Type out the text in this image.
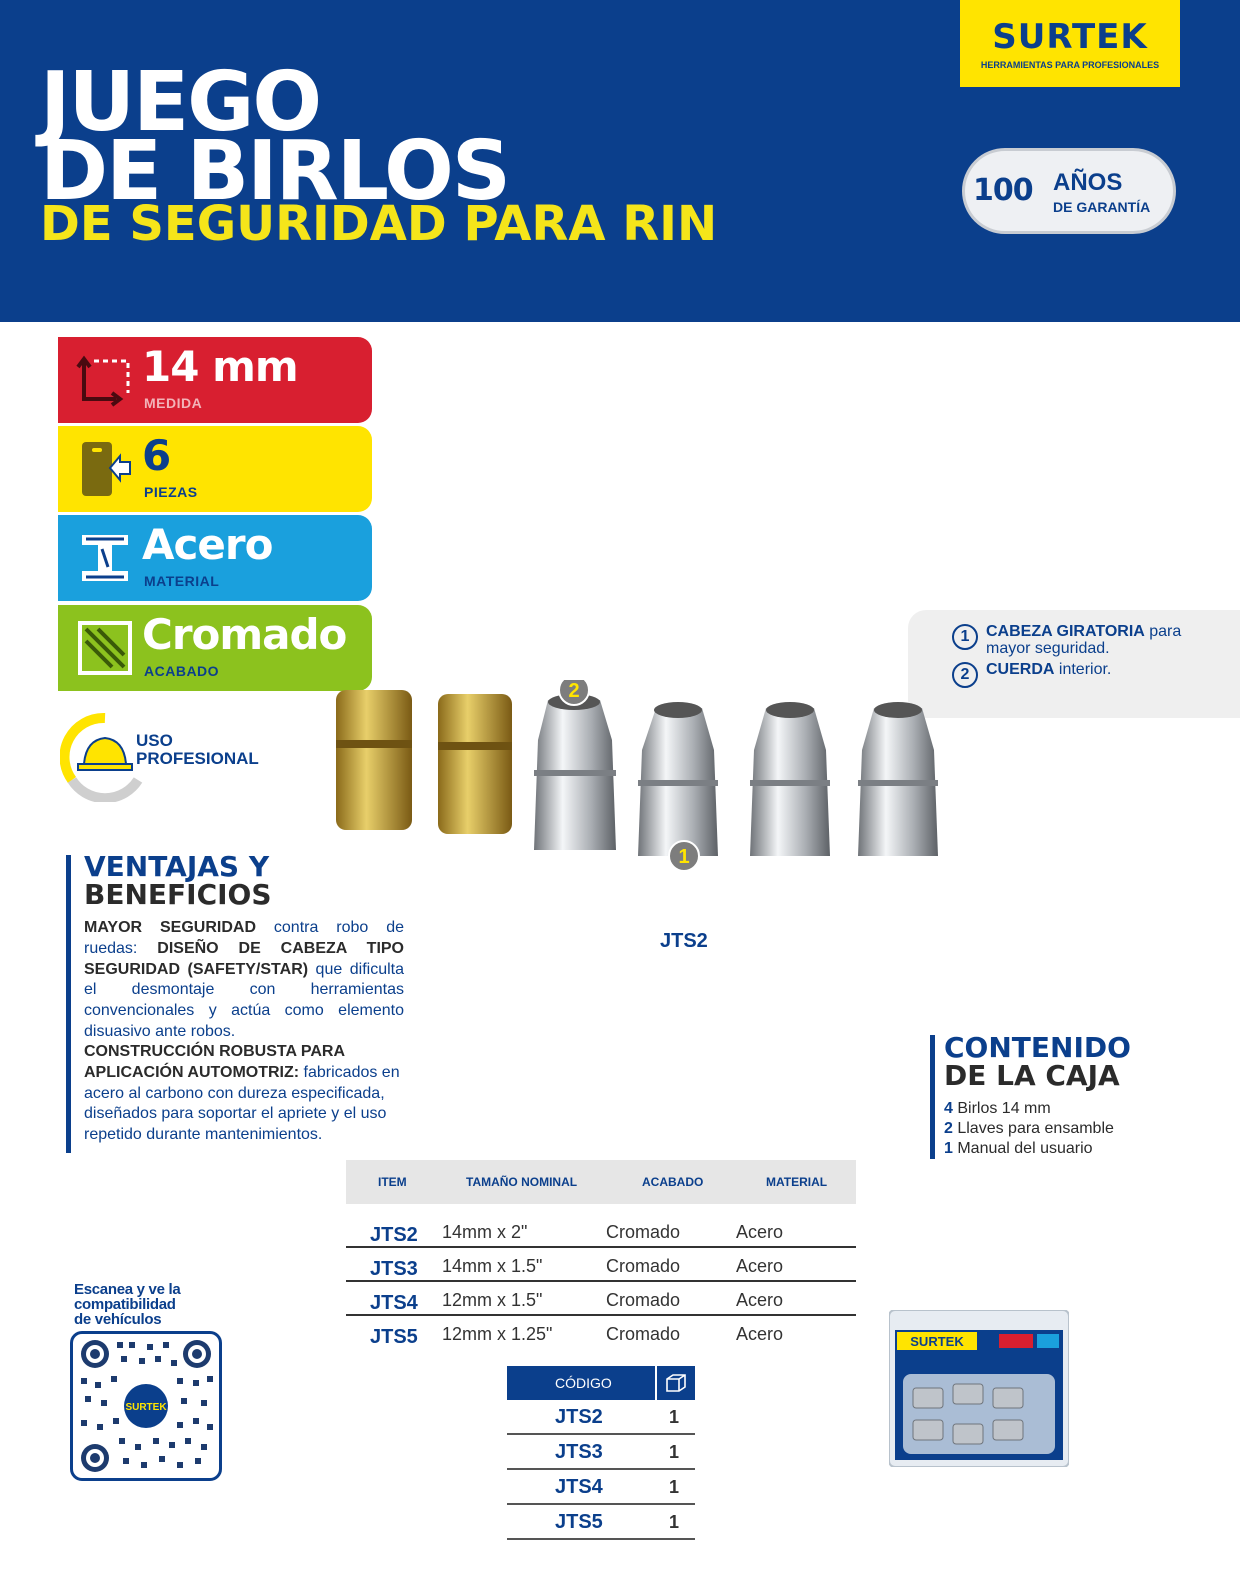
JUEGO
DE BIRLOS
DE SEGURIDAD PARA RIN
SURTEK
HERRAMIENTAS PARA PROFESIONALES
100 AÑOS
DE GARANTÍA
14 mm
MEDIDA
6
PIEZAS
Acero
MATERIAL
Cromado
ACABADO
USO
PROFESIONAL
1	CABEZA GIRATORIA para mayor seguridad.
2	CUERDA interior.
2
1
JTS2
VENTAJAS Y
BENEFICIOS
MAYOR SEGURIDAD contra robo de ruedas: DISEÑO DE CABEZA TIPO SEGURIDAD (SAFETY/STAR) que dificulta el desmontaje con herramientas convencionales y actúa como elemento disuasivo ante robos.
CONSTRUCCIÓN ROBUSTA PARA APLICACIÓN AUTOMOTRIZ: fabricados en acero al carbono con dureza especificada, diseñados para soportar el apriete y el uso repetido durante mantenimientos.
CONTENIDO
DE LA CAJA
4 Birlos 14 mm
2 Llaves para ensamble
1 Manual del usuario
ITEM	TAMAÑO NOMINAL	ACABADO	MATERIAL
JTS2 14mm x 2"	Cromado	Acero
JTS3 14mm x 1.5"	Cromado	Acero
JTS4 12mm x 1.5"	Cromado	Acero
JTS5 12mm x 1.25"	Cromado	Acero
CÓDIGO
JTS2	1
JTS3	1
JTS4	1
JTS5	1
Escanea y ve la
compatibilidad
de vehículos
SURTEK
SURTEK
